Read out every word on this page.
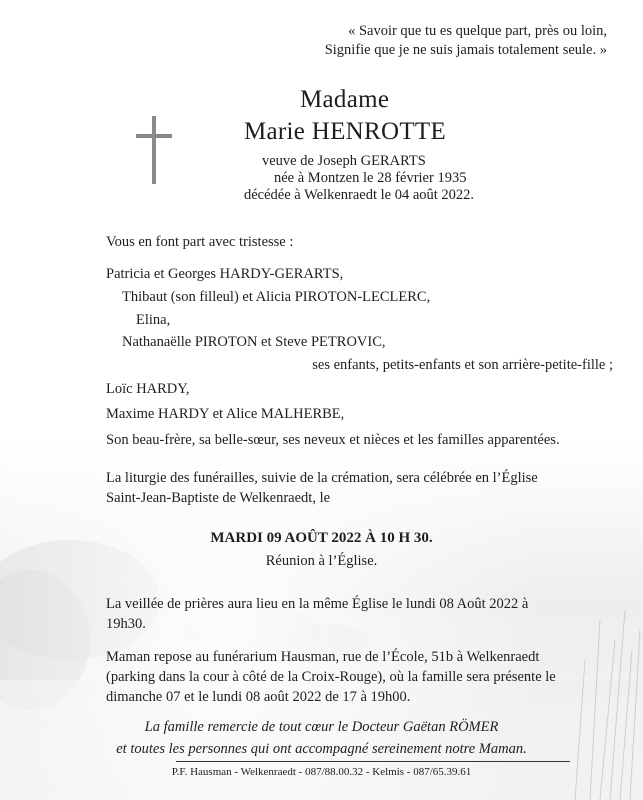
« Savoir que tu es quelque part, près ou loin,
Signifie que je ne suis jamais totalement seule. »
Madame
Marie HENROTTE
veuve de Joseph GERARTS
née à Montzen le 28 février 1935
décédée à Welkenraedt le 04 août 2022.
Vous en font part avec tristesse :
Patricia et Georges HARDY-GERARTS,
Thibaut (son filleul) et Alicia PIROTON-LECLERC,
Elina,
Nathanaëlle PIROTON et Steve PETROVIC,
ses enfants, petits-enfants et son arrière-petite-fille ;
Loïc HARDY,
Maxime HARDY et Alice MALHERBE,
Son beau-frère, sa belle-sœur, ses neveux et nièces et les familles apparentées.
La liturgie des funérailles, suivie de la crémation, sera célébrée en l’Église
Saint-Jean-Baptiste de Welkenraedt, le
MARDI 09 AOÛT 2022 À 10 H 30.
Réunion à l’Église.
La veillée de prières aura lieu en la même Église le lundi 08 Août 2022 à
19h30.
Maman repose au funérarium Hausman, rue de l’École, 51b à Welkenraedt
(parking dans la cour à côté de la Croix-Rouge), où la famille sera présente le
dimanche 07 et le lundi 08 août 2022 de 17 à 19h00.
La famille remercie de tout cœur le Docteur Gaëtan RÖMER
et toutes les personnes qui ont accompagné sereinement notre Maman.
P.F. Hausman - Welkenraedt - 087/88.00.32 - Kelmis - 087/65.39.61
